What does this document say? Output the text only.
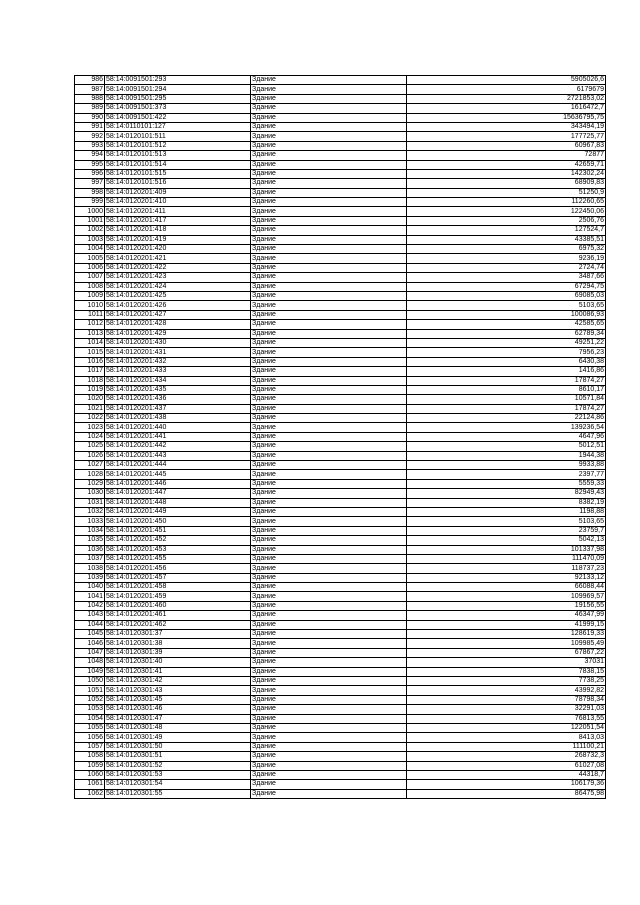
986	58:14:0091501:293	Здание	5905026,6
987	58:14:0091501:294	Здание	6179679
988	58:14:0091501:295	Здание	2721853,02
989	58:14:0091501:373	Здание	1616472,7
990	58:14:0091501:422	Здание	15636795,75
991	58:14:0110101:127	Здание	343494,19
992	58:14:0120101:511	Здание	177725,77
993	58:14:0120101:512	Здание	60967,83
994	58:14:0120101:513	Здание	72877
995	58:14:0120101:514	Здание	42659,71
996	58:14:0120101:515	Здание	142302,24
997	58:14:0120101:516	Здание	68909,83
998	58:14:0120201:409	Здание	51250,9
999	58:14:0120201:410	Здание	112260,65
1000	58:14:0120201:411	Здание	122450,06
1001	58:14:0120201:417	Здание	2506,76
1002	58:14:0120201:418	Здание	127524,7
1003	58:14:0120201:419	Здание	43385,51
1004	58:14:0120201:420	Здание	6975,32
1005	58:14:0120201:421	Здание	9236,19
1006	58:14:0120201:422	Здание	2724,74
1007	58:14:0120201:423	Здание	3487,66
1008	58:14:0120201:424	Здание	67294,75
1009	58:14:0120201:425	Здание	69085,03
1010	58:14:0120201:426	Здание	5103,65
1011	58:14:0120201:427	Здание	100086,93
1012	58:14:0120201:428	Здание	42585,65
1013	58:14:0120201:429	Здание	62789,34
1014	58:14:0120201:430	Здание	49251,22
1015	58:14:0120201:431	Здание	7956,23
1016	58:14:0120201:432	Здание	6430,38
1017	58:14:0120201:433	Здание	1416,86
1018	58:14:0120201:434	Здание	17874,27
1019	58:14:0120201:435	Здание	8610,17
1020	58:14:0120201:436	Здание	10571,84
1021	58:14:0120201:437	Здание	17874,27
1022	58:14:0120201:438	Здание	22124,86
1023	58:14:0120201:440	Здание	139236,54
1024	58:14:0120201:441	Здание	4647,96
1025	58:14:0120201:442	Здание	5012,51
1026	58:14:0120201:443	Здание	1944,38
1027	58:14:0120201:444	Здание	9933,88
1028	58:14:0120201:445	Здание	2397,77
1029	58:14:0120201:446	Здание	5559,33
1030	58:14:0120201:447	Здание	82949,43
1031	58:14:0120201:448	Здание	8382,19
1032	58:14:0120201:449	Здание	1198,88
1033	58:14:0120201:450	Здание	5103,65
1034	58:14:0120201:451	Здание	23759,7
1035	58:14:0120201:452	Здание	5042,13
1036	58:14:0120201:453	Здание	101337,98
1037	58:14:0120201:455	Здание	111470,09
1038	58:14:0120201:456	Здание	118737,23
1039	58:14:0120201:457	Здание	92133,12
1040	58:14:0120201:458	Здание	66088,44
1041	58:14:0120201:459	Здание	109969,57
1042	58:14:0120201:460	Здание	19156,55
1043	58:14:0120201:461	Здание	46347,99
1044	58:14:0120201:462	Здание	41999,15
1045	58:14:0120301:37	Здание	128619,33
1046	58:14:0120301:38	Здание	109985,49
1047	58:14:0120301:39	Здание	67867,22
1048	58:14:0120301:40	Здание	37031
1049	58:14:0120301:41	Здание	7838,15
1050	58:14:0120301:42	Здание	7738,25
1051	58:14:0120301:43	Здание	43992,82
1052	58:14:0120301:45	Здание	78798,34
1053	58:14:0120301:46	Здание	32291,03
1054	58:14:0120301:47	Здание	76813,55
1055	58:14:0120301:48	Здание	122051,54
1056	58:14:0120301:49	Здание	8413,03
1057	58:14:0120301:50	Здание	111100,21
1058	58:14:0120301:51	Здание	268732,3
1059	58:14:0120301:52	Здание	61027,08
1060	58:14:0120301:53	Здание	44318,7
1061	58:14:0120301:54	Здание	106179,36
1062	58:14:0120301:55	Здание	86475,98
